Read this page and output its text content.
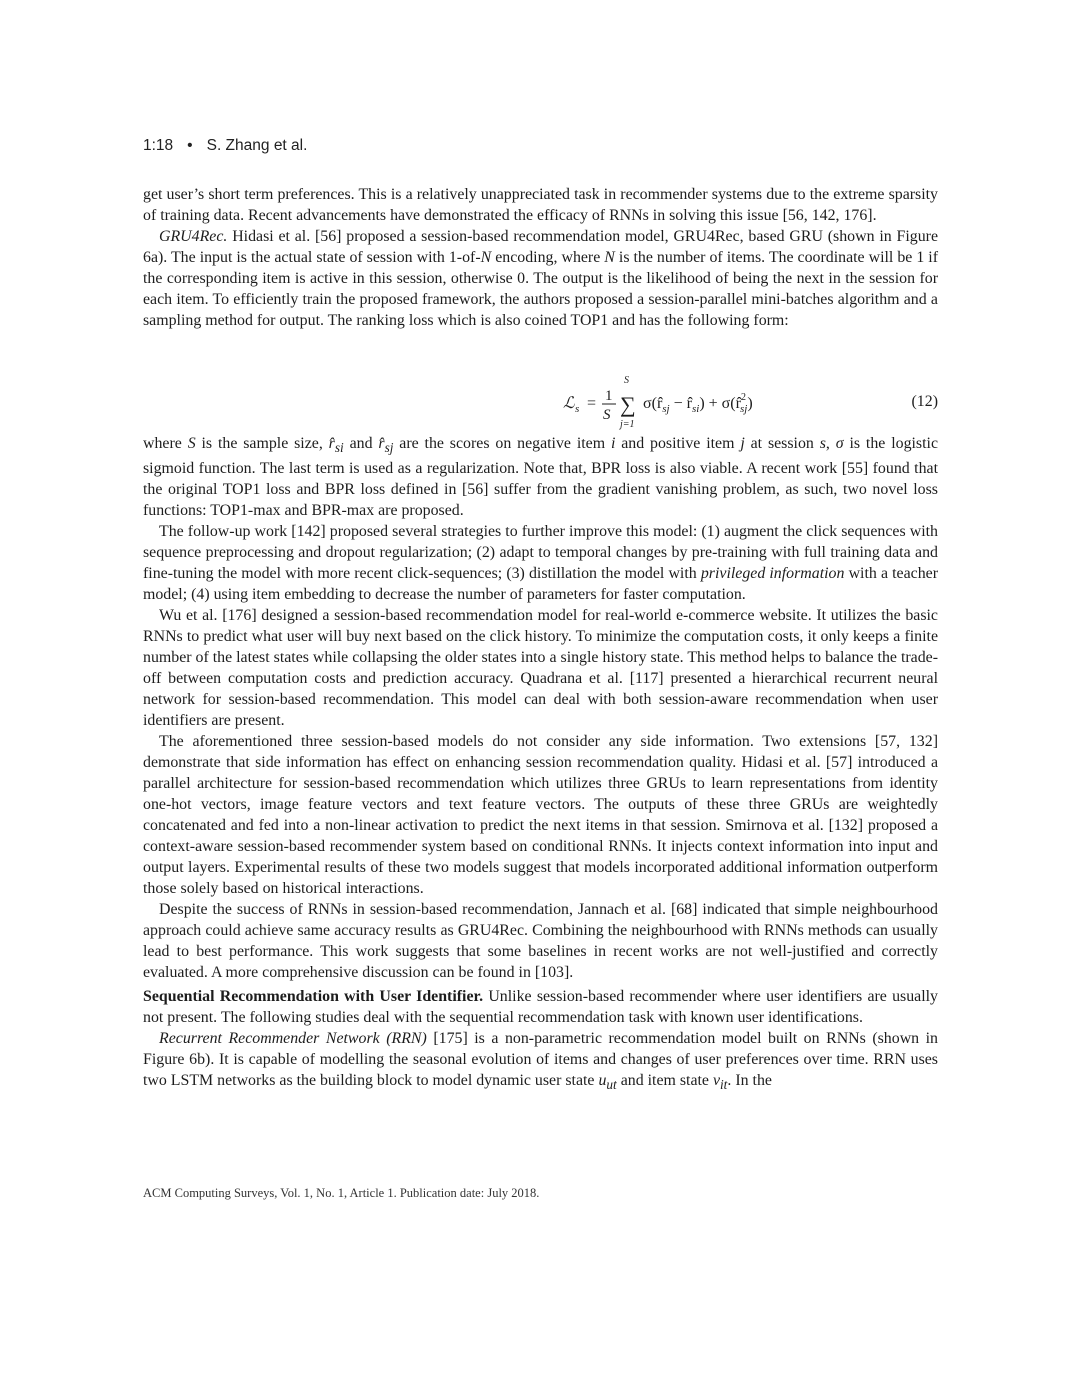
1:18 • S. Zhang et al.

get user’s short term preferences. This is a relatively unappreciated task in recommender systems due to the extreme sparsity of training data. Recent advancements have demonstrated the efficacy of RNNs in solving this issue [56, 142, 176].

GRU4Rec. Hidasi et al. [56] proposed a session-based recommendation model, GRU4Rec, based GRU (shown in Figure 6a). The input is the actual state of session with 1-of-N encoding, where N is the number of items. The coordinate will be 1 if the corresponding item is active in this session, otherwise 0. The output is the likelihood of being the next in the session for each item. To efficiently train the proposed framework, the authors proposed a session-parallel mini-batches algorithm and a sampling method for output. The ranking loss which is also coined TOP1 and has the following form:

ℒ s = 1
S
S
∑
j=1
$\sigma(r̂_{sj}$ − $r̂_{si}$) + σ(r̂$^2$ sj)	(12)

where S is the sample size, $r̂_{si}$ and $r̂_{sj}$ are the scores on negative item i and positive item j at session s, σ is the logistic sigmoid function. The last term is used as a regularization. Note that, BPR loss is also viable. A recent work [55] found that the original TOP1 loss and BPR loss defined in [56] suffer from the gradient vanishing problem, as such, two novel loss functions: TOP1-max and BPR-max are proposed.

The follow-up work [142] proposed several strategies to further improve this model: (1) augment the click sequences with sequence preprocessing and dropout regularization; (2) adapt to temporal changes by pre-training with full training data and fine-tuning the model with more recent click-sequences; (3) distillation the model with privileged information with a teacher model; (4) using item embedding to decrease the number of parameters for faster computation.

Wu et al. [176] designed a session-based recommendation model for real-world e-commerce website. It utilizes the basic RNNs to predict what user will buy next based on the click history. To minimize the computation costs, it only keeps a finite number of the latest states while collapsing the older states into a single history state. This method helps to balance the trade-off between computation costs and prediction accuracy. Quadrana et al. [117] presented a hierarchical recurrent neural network for session-based recommendation. This model can deal with both session-aware recommendation when user identifiers are present.

The aforementioned three session-based models do not consider any side information. Two extensions [57, 132] demonstrate that side information has effect on enhancing session recommendation quality. Hidasi et al. [57] introduced a parallel architecture for session-based recommendation which utilizes three GRUs to learn representations from identity one-hot vectors, image feature vectors and text feature vectors. The outputs of these three GRUs are weightedly concatenated and fed into a non-linear activation to predict the next items in that session. Smirnova et al. [132] proposed a context-aware session-based recommender system based on conditional RNNs. It injects context information into input and output layers. Experimental results of these two models suggest that models incorporated additional information outperform those solely based on historical interactions.

Despite the success of RNNs in session-based recommendation, Jannach et al. [68] indicated that simple neighbourhood approach could achieve same accuracy results as GRU4Rec. Combining the neighbourhood with RNNs methods can usually lead to best performance. This work suggests that some baselines in recent works are not well-justified and correctly evaluated. A more comprehensive discussion can be found in [103].

Sequential Recommendation with User Identifier. Unlike session-based recommender where user identifiers are usually not present. The following studies deal with the sequential recommendation task with known user identifications.

Recurrent Recommender Network (RRN) [175] is a non-parametric recommendation model built on RNNs (shown in Figure 6b). It is capable of modelling the seasonal evolution of items and changes of user preferences over time. RRN uses two LSTM networks as the building block to model dynamic user state $u_{ut}$ and item state $v_{it}$. In the

ACM Computing Surveys, Vol. 1, No. 1, Article 1. Publication date: July 2018.
